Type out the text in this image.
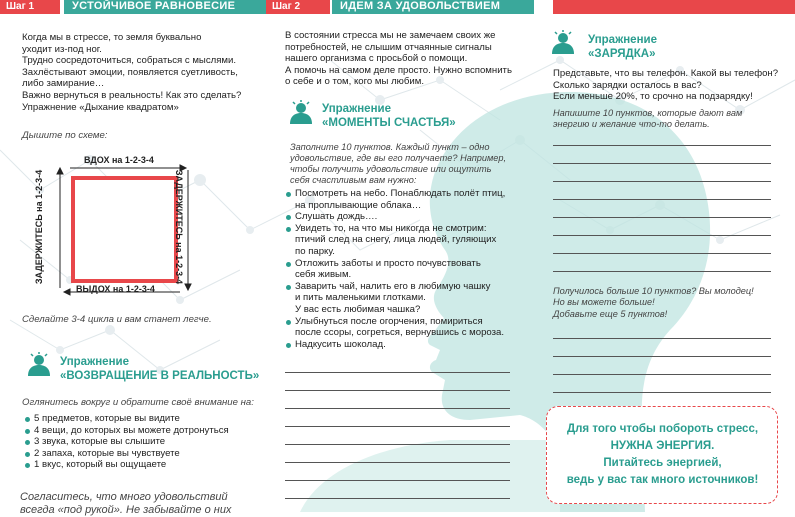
Шаг 1	УСТОЙЧИВОЕ РАВНОВЕСИЕ
Когда мы в стрессе, то земля буквально
уходит из-под ног.
Трудно сосредоточиться, собраться с мыслями.
Захлёстывают эмоции, появляется суетливость,
либо замирание…
Важно вернуться в реальность! Как это сделать?
Упражнение «Дыхание квадратом»
Дышите по схеме:
ВДОХ на 1-2-3-4
ВЫДОХ на 1-2-3-4
ЗАДЕРЖИТЕСЬ на 1-2-3-4
ЗАДЕРЖИТЕСЬ на 1-2-3-4
Сделайте 3-4 цикла и вам станет легче.
Упражнение
«ВОЗВРАЩЕНИЕ В РЕАЛЬНОСТЬ»
Оглянитесь вокруг и обратите своё внимание на:
5 предметов, которые вы видите
4 вещи, до которых вы можете дотронуться
3 звука, которые вы слышите
2 запаха, которые вы чувствуете
1 вкус, который вы ощущаете
Согласитесь, что много удовольствий
всегда «под рукой». Не забывайте о них
Шаг 2	ИДЕМ ЗА УДОВОЛЬСТВИЕМ
В состоянии стресса мы не замечаем своих же
потребностей, не слышим отчаянные сигналы
нашего организма с просьбой о помощи.
А помочь на самом деле просто. Нужно вспомнить
о себе и о том, кого мы любим.
Упражнение
«МОМЕНТЫ СЧАСТЬЯ»
Заполните 10 пунктов. Каждый пункт – одно
удовольствие, где вы его получаете? Например,
чтобы получить удовольствие или ощутить
себя счастливым вам нужно:
Посмотреть на небо. Понаблюдать полёт птиц,
на проплывающие облака…
Слушать дождь….
Увидеть то, на что мы никогда не смотрим:
птичий след на снегу, лица людей, гуляющих
по парку.
Отложить заботы и просто почувствовать
себя живым.
Заварить чай, налить его в любимую чашку
и пить маленькими глотками.
У вас есть любимая чашка?
Улыбнуться после огорчения, помириться
после ссоры, согреться, вернувшись с мороза.
Надкусить шоколад.
Упражнение
«ЗАРЯДКА»
Представьте, что вы телефон. Какой вы телефон?
Сколько зарядки осталось в вас?
Если меньше 20%, то срочно на подзарядку!
Напишите 10 пунктов, которые дают вам
энергию и желание что-то делать.
Получилось больше 10 пунктов? Вы молодец!
Но вы можете больше!
Добавьте еще 5 пунктов!
Для того чтобы побороть стресс,
НУЖНА ЭНЕРГИЯ.
Питайтесь энергией,
ведь у вас так много источников!
